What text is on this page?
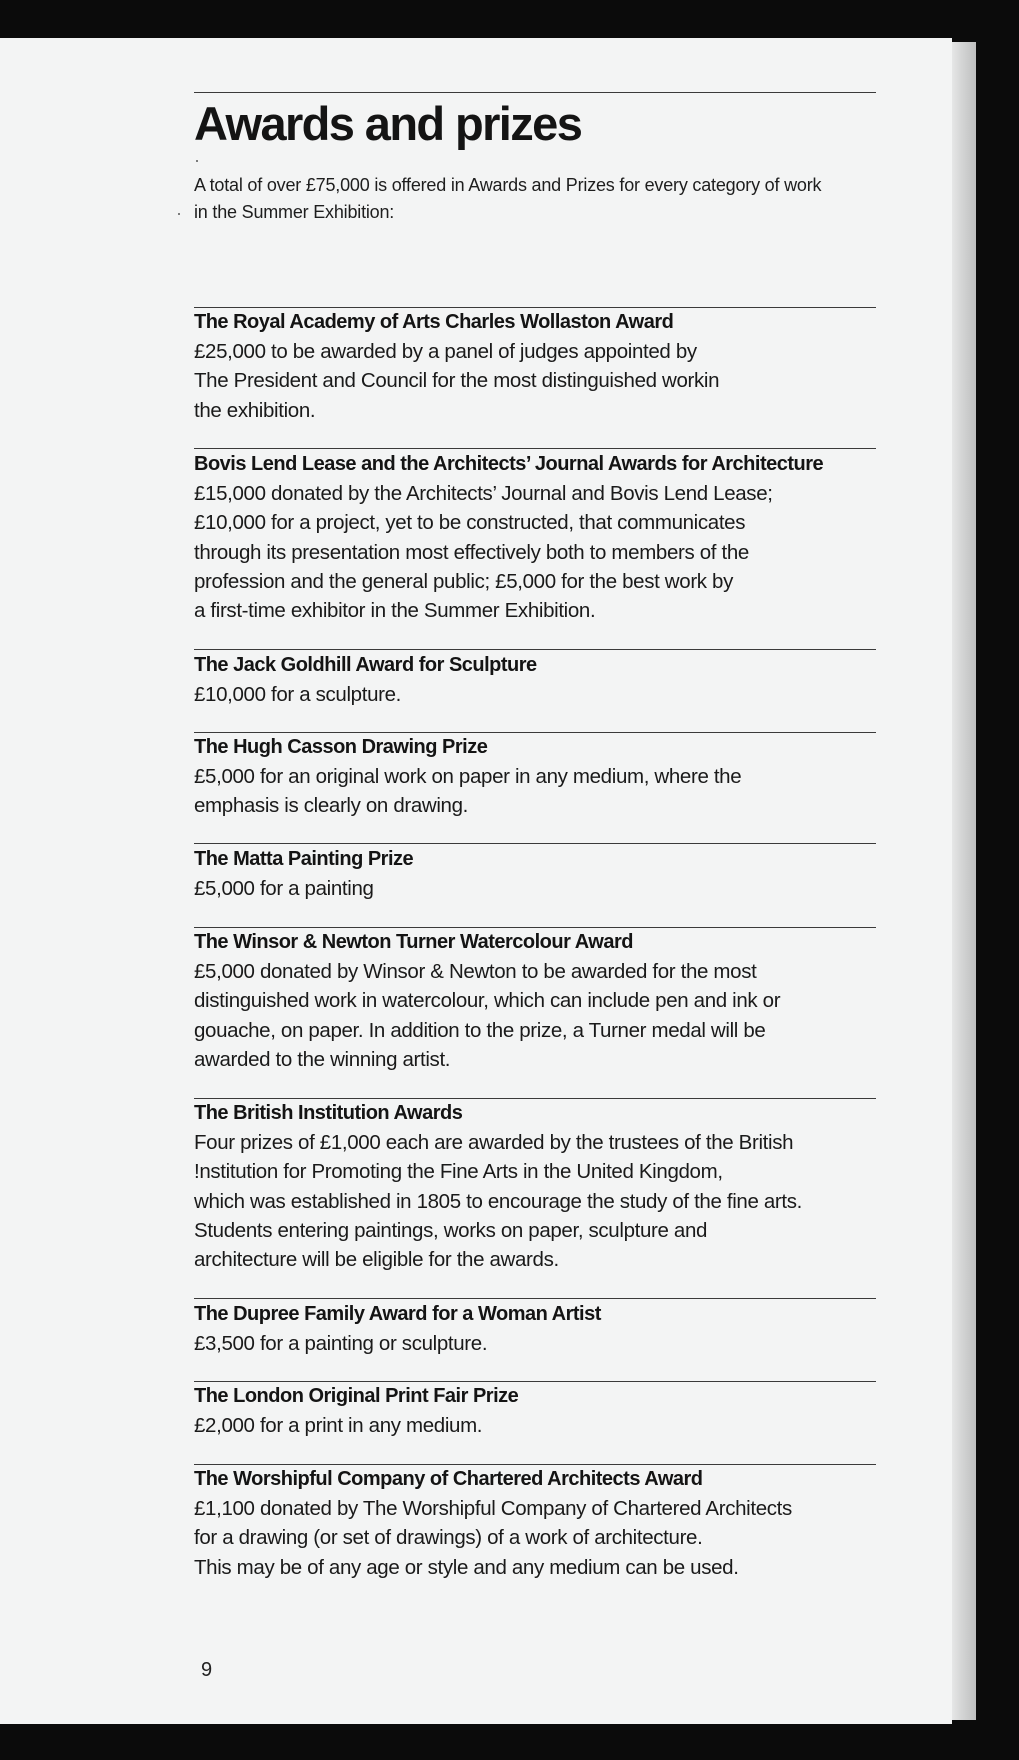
Awards and prizes
A total of over £75,000 is offered in Awards and Prizes for every category of work in the Summer Exhibition:

The Royal Academy of Arts Charles Wollaston Award

£25,000 to be awarded by a panel of judges appointed by
The President and Council for the most distinguished workin
the exhibition.

Bovis Lend Lease and the Architects’ Journal Awards for Architecture

£15,000 donated by the Architects’ Journal and Bovis Lend Lease;
£10,000 for a project, yet to be constructed, that communicates
through its presentation most effectively both to members of the
profession and the general public; £5,000 for the best work by
a first-time exhibitor in the Summer Exhibition.

The Jack Goldhill Award for Sculpture

£10,000 for a sculpture.

The Hugh Casson Drawing Prize

£5,000 for an original work on paper in any medium, where the
emphasis is clearly on drawing.

The Matta Painting Prize

£5,000 for a painting

The Winsor & Newton Turner Watercolour Award

£5,000 donated by Winsor & Newton to be awarded for the most
distinguished work in watercolour, which can include pen and ink or
gouache, on paper. In addition to the prize, a Turner medal will be
awarded to the winning artist.

The British Institution Awards

Four prizes of £1,000 each are awarded by the trustees of the British
!nstitution for Promoting the Fine Arts in the United Kingdom,
which was established in 1805 to encourage the study of the fine arts.
Students entering paintings, works on paper, sculpture and
architecture will be eligible for the awards.

The Dupree Family Award for a Woman Artist

£3,500 for a painting or sculpture.

The London Original Print Fair Prize

£2,000 for a print in any medium.

The Worshipful Company of Chartered Architects Award

£1,100 donated by The Worshipful Company of Chartered Architects
for a drawing (or set of drawings) of a work of architecture.
This may be of any age or style and any medium can be used.

9
